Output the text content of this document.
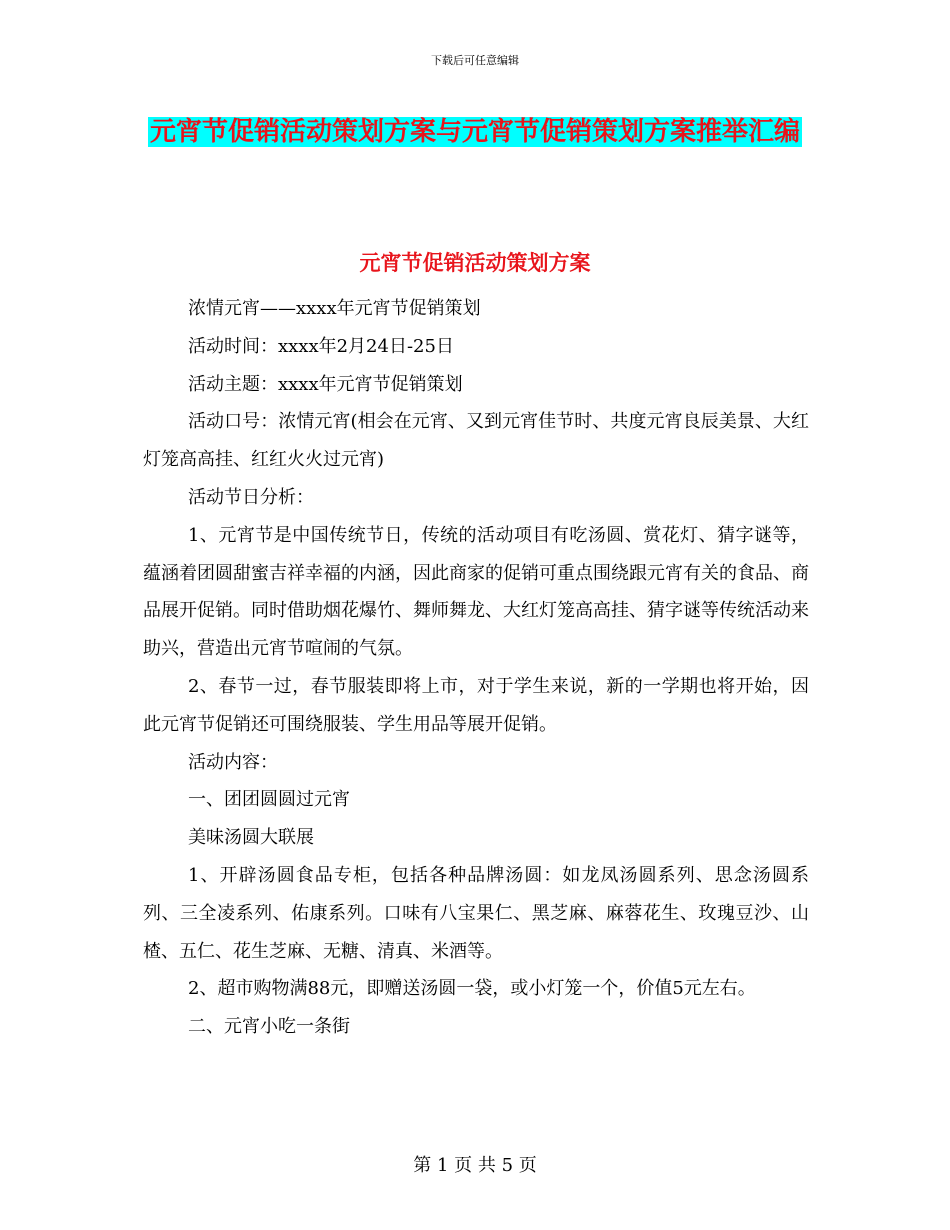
下载后可任意编辑
元宵节促销活动策划方案与元宵节促销策划方案推举汇编
元宵节促销活动策划方案

浓情元宵——xxxx年元宵节促销策划

活动时间：xxxx年2月24日-25日

活动主题：xxxx年元宵节促销策划

活动口号：浓情元宵(相会在元宵、又到元宵佳节时、共度元宵良辰美景、大红灯笼高高挂、红红火火过元宵)

活动节日分析：

1、元宵节是中国传统节日，传统的活动项目有吃汤圆、赏花灯、猜字谜等，蕴涵着团圆甜蜜吉祥幸福的内涵，因此商家的促销可重点围绕跟元宵有关的食品、商品展开促销。同时借助烟花爆竹、舞师舞龙、大红灯笼高高挂、猜字谜等传统活动来助兴，营造出元宵节喧闹的气氛。

2、春节一过，春节服装即将上市，对于学生来说，新的一学期也将开始，因此元宵节促销还可围绕服装、学生用品等展开促销。

活动内容：

一、团团圆圆过元宵

美味汤圆大联展

1、开辟汤圆食品专柜，包括各种品牌汤圆：如龙凤汤圆系列、思念汤圆系列、三全凌系列、佑康系列。口味有八宝果仁、黑芝麻、麻蓉花生、玫瑰豆沙、山楂、五仁、花生芝麻、无糖、清真、米酒等。

2、超市购物满88元，即赠送汤圆一袋，或小灯笼一个，价值5元左右。

二、元宵小吃一条街

第 1 页 共 5 页
